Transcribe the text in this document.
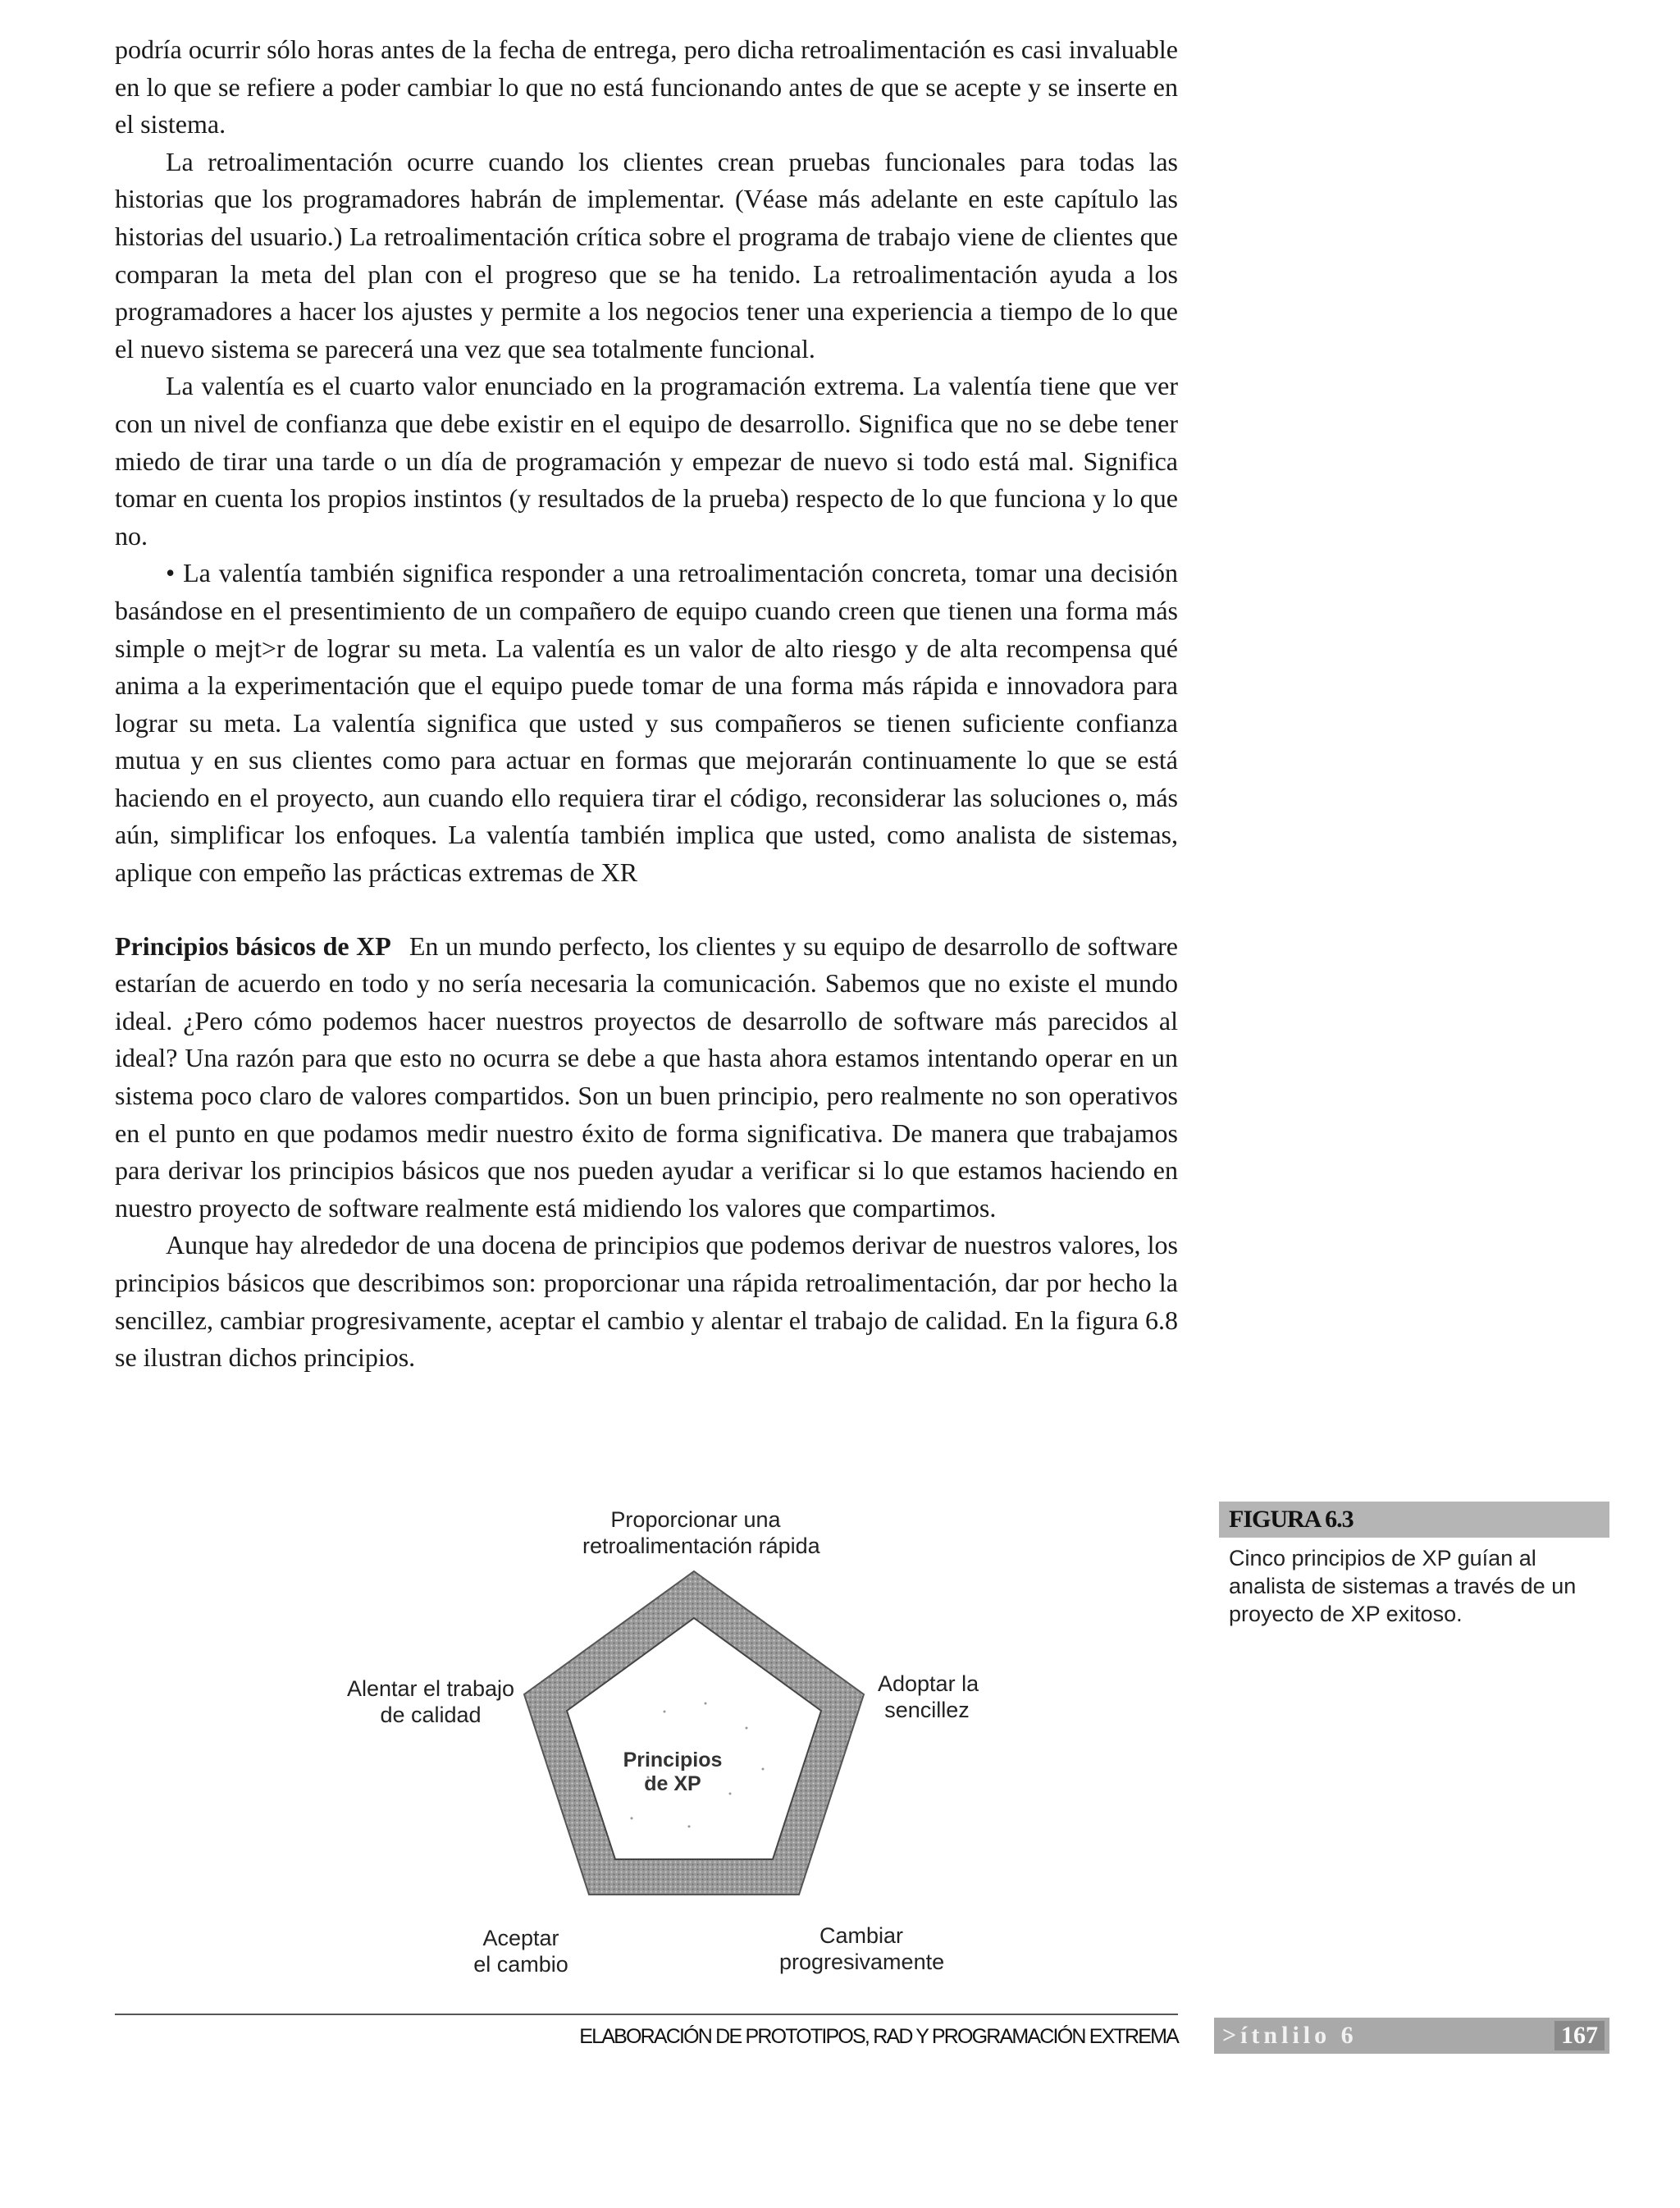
podría ocurrir sólo horas antes de la fecha de entrega, pero dicha retroalimentación es casi invaluable en lo que se refiere a poder cambiar lo que no está funcionando antes de que se acepte y se inserte en el sistema.

La retroalimentación ocurre cuando los clientes crean pruebas funcionales para todas las historias que los programadores habrán de implementar. (Véase más adelante en este capítulo las historias del usuario.) La retroalimentación crítica sobre el programa de trabajo viene de clientes que comparan la meta del plan con el progreso que se ha tenido. La retroalimentación ayuda a los programadores a hacer los ajustes y permite a los negocios tener una experiencia a tiempo de lo que el nuevo sistema se parecerá una vez que sea totalmente funcional.

La valentía es el cuarto valor enunciado en la programación extrema. La valentía tiene que ver con un nivel de confianza que debe existir en el equipo de desarrollo. Significa que no se debe tener miedo de tirar una tarde o un día de programación y empezar de nuevo si todo está mal. Significa tomar en cuenta los propios instintos (y resultados de la prueba) respecto de lo que funciona y lo que no.

• La valentía también significa responder a una retroalimentación concreta, tomar una decisión basándose en el presentimiento de un compañero de equipo cuando creen que tienen una forma más simple o mejt>r de lograr su meta. La valentía es un valor de alto riesgo y de alta recompensa qué anima a la experimentación que el equipo puede tomar de una forma más rápida e innovadora para lograr su meta. La valentía significa que usted y sus compañeros se tienen suficiente confianza mutua y en sus clientes como para actuar en formas que mejorarán continuamente lo que se está haciendo en el proyecto, aun cuando ello requiera tirar el código, reconsiderar las soluciones o, más aún, simplificar los enfoques. La valentía también implica que usted, como analista de sistemas, aplique con empeño las prácticas extremas de XR

Principios básicos de XP En un mundo perfecto, los clientes y su equipo de desarrollo de software estarían de acuerdo en todo y no sería necesaria la comunicación. Sabemos que no existe el mundo ideal. ¿Pero cómo podemos hacer nuestros proyectos de desarrollo de software más parecidos al ideal? Una razón para que esto no ocurra se debe a que hasta ahora estamos intentando operar en un sistema poco claro de valores compartidos. Son un buen principio, pero realmente no son operativos en el punto en que podamos medir nuestro éxito de forma significativa. De manera que trabajamos para derivar los principios básicos que nos pueden ayudar a verificar si lo que estamos haciendo en nuestro proyecto de software realmente está midiendo los valores que compartimos.

Aunque hay alrededor de una docena de principios que podemos derivar de nuestros valores, los principios básicos que describimos son: proporcionar una rápida retroalimentación, dar por hecho la sencillez, cambiar progresivamente, aceptar el cambio y alentar el trabajo de calidad. En la figura 6.8 se ilustran dichos principios.

Principios de XP
Proporcionar una
retroalimentación rápida
Adoptar la
sencillez
Cambiar
progresivamente
Aceptar
el cambio
Alentar el trabajo
de calidad
FIGURA 6.3
Cinco principios de XP guían al analista de sistemas a través de un proyecto de XP exitoso.
ELABORACIÓN DE PROTOTIPOS, RAD Y PROGRAMACIÓN EXTREMA >ítnlilo 6	167
